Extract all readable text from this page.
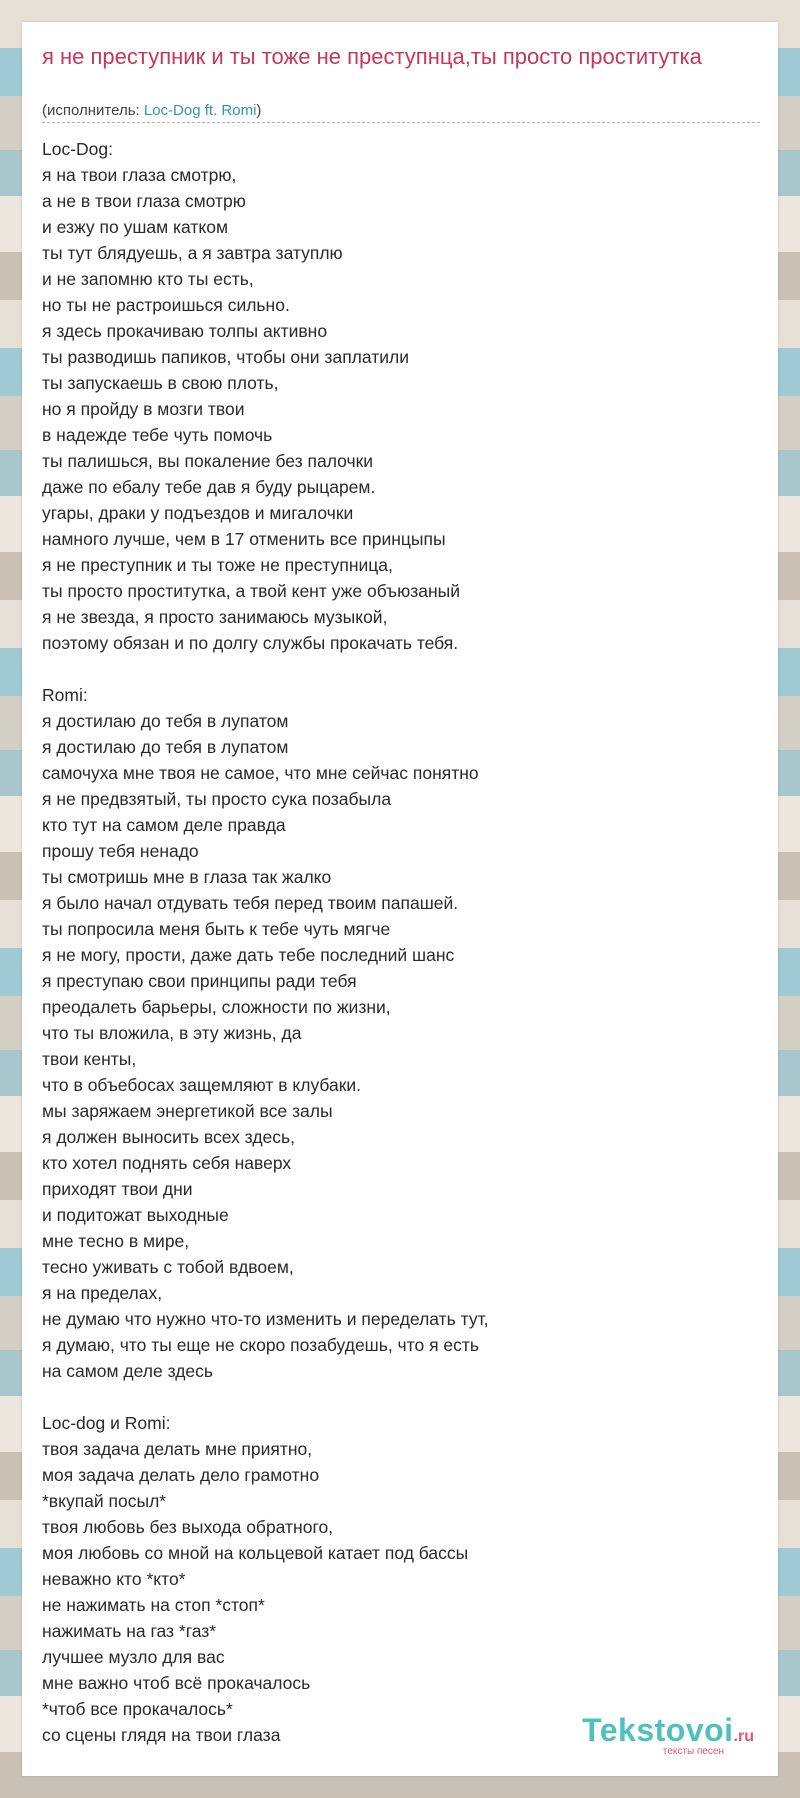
я не преступник и ты тоже не преступнца,ты просто проститутка
(исполнитель: Loc-Dog ft. Romi)
Loc-Dog:
я на твои глаза смотрю,
а не в твои глаза смотрю
и езжу по ушам катком
ты тут блядуешь, а я завтра затуплю
и не запомню кто ты есть,
но ты не растроишься сильно.
я здесь прокачиваю толпы активно
ты разводишь папиков, чтобы они заплатили
ты запускаешь в свою плоть,
но я пройду в мозги твои
в надежде тебе чуть помочь
ты палишься, вы покаление без палочки
даже по ебалу тебе дав я буду рыцарем.
угары, драки у подъездов и мигалочки
намного лучше, чем в 17 отменить все принцыпы
я не преступник и ты тоже не преступница,
ты просто проститутка, а твой кент уже объюзаный
я не звезда, я просто занимаюсь музыкой,
поэтому обязан и по долгу службы прокачать тебя.

Romi:
я достилаю до тебя в лупатом
я достилаю до тебя в лупатом
самочуха мне твоя не самое, что мне сейчас понятно
я не предвзятый, ты просто сука позабыла
кто тут на самом деле правда
прошу тебя ненадо
ты смотришь мне в глаза так жалко
я было начал отдувать тебя перед твоим папашей.
ты попросила меня быть к тебе чуть мягче
я не могу, прости, даже дать тебе последний шанс
я преступаю свои принципы ради тебя
преодалеть барьеры, сложности по жизни,
что ты вложила, в эту жизнь, да
твои кенты,
что в объебосах защемляют в клубаки.
мы заряжаем энергетикой все залы
я должен выносить всех здесь,
кто хотел поднять себя наверх
приходят твои дни
и подитожат выходные
мне тесно в мире,
тесно уживать с тобой вдвоем,
я на пределах,
не думаю что нужно что-то изменить и переделать тут,
я думаю, что ты еще не скоро позабудешь, что я есть
на самом деле здесь

Loc-dog и Romi:
твоя задача делать мне приятно,
моя задача делать дело грамотно
*вкупай посыл*
твоя любовь без выхода обратного,
моя любовь со мной на кольцевой катает под бассы
неважно кто *кто*
не нажимать на стоп *стоп*
нажимать на газ *газ*
лучшее музло для вас
мне важно чтоб всё прокачалось
*чтоб все прокачалось*
со сцены глядя на твои глаза	Tekstovoi.ru
тексты песен
